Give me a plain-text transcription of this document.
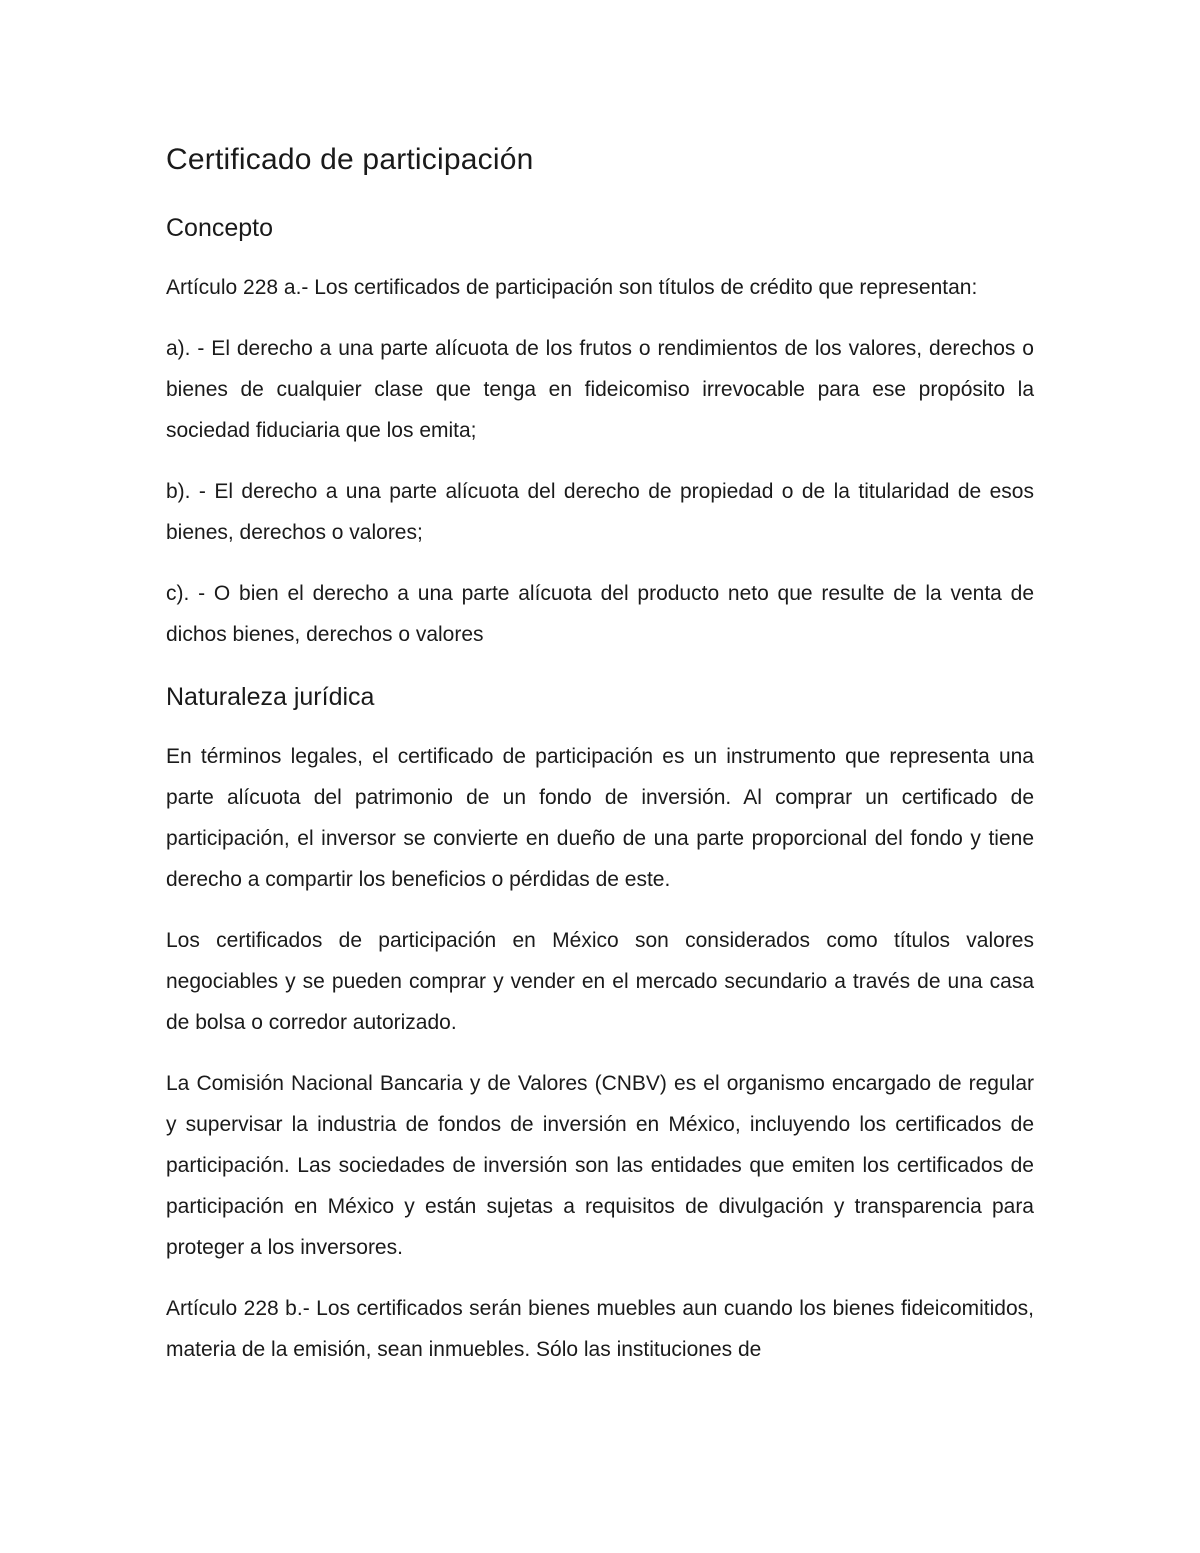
Certificado de participación
Concepto

Artículo 228 a.- Los certificados de participación son títulos de crédito que representan:

a). - El derecho a una parte alícuota de los frutos o rendimientos de los valores, derechos o bienes de cualquier clase que tenga en fideicomiso irrevocable para ese propósito la sociedad fiduciaria que los emita;

b). - El derecho a una parte alícuota del derecho de propiedad o de la titularidad de esos bienes, derechos o valores;

c). - O bien el derecho a una parte alícuota del producto neto que resulte de la venta de dichos bienes, derechos o valores

Naturaleza jurídica

En términos legales, el certificado de participación es un instrumento que representa una parte alícuota del patrimonio de un fondo de inversión. Al comprar un certificado de participación, el inversor se convierte en dueño de una parte proporcional del fondo y tiene derecho a compartir los beneficios o pérdidas de este.

Los certificados de participación en México son considerados como títulos valores negociables y se pueden comprar y vender en el mercado secundario a través de una casa de bolsa o corredor autorizado.

La Comisión Nacional Bancaria y de Valores (CNBV) es el organismo encargado de regular y supervisar la industria de fondos de inversión en México, incluyendo los certificados de participación. Las sociedades de inversión son las entidades que emiten los certificados de participación en México y están sujetas a requisitos de divulgación y transparencia para proteger a los inversores.

Artículo 228 b.- Los certificados serán bienes muebles aun cuando los bienes fideicomitidos, materia de la emisión, sean inmuebles. Sólo las instituciones de
